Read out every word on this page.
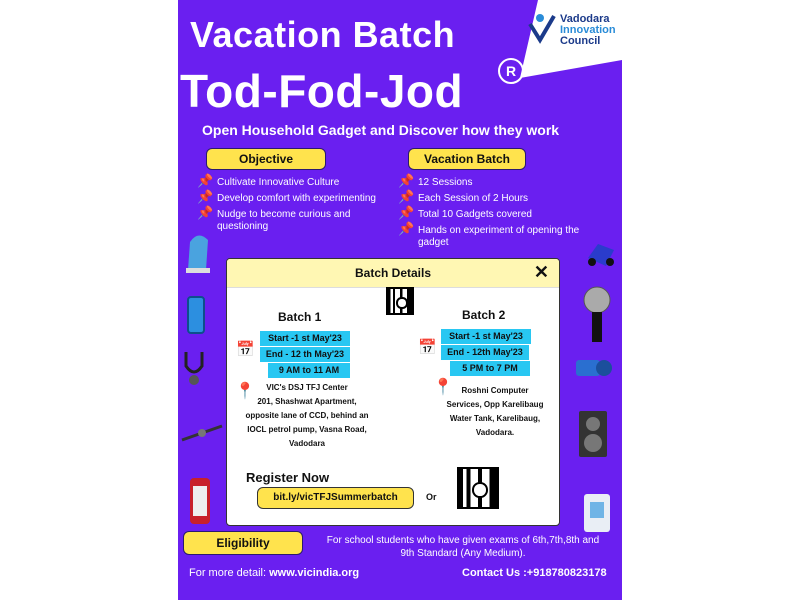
Vadodara
Innovation
Council
Vacation Batch
Tod-Fod-Jod	R
Open Household Gadget and Discover how they work
Objective
📌 Cultivate Innovative Culture
📌 Develop comfort with experimenting
📌 Nudge to become curious and questioning
Vacation Batch
📌 12 Sessions
📌 Each Session of 2 Hours
📌 Total 10 Gadgets covered
📌 Hands on experiment of opening the gadget
Batch Details	✕
Batch 1
📅
Start -1 st May'23
End - 12 th May'23
9 AM to 11 AM
📍	VIC's DSJ TFJ Center
201, Shashwat Apartment,
opposite lane of CCD, behind an
IOCL petrol pump, Vasna Road,
Vadodara
Batch 2
📅
Start -1 st May'23
End - 12th May'23
5 PM to 7 PM
📍	Roshni Computer
Services, Opp Karelibaug
Water Tank, Karelibaug,
Vadodara.
Register Now
bit.ly/vicTFJSummerbatch	Or
Eligibility	For school students who have given exams of 6th,7th,8th and
9th Standard (Any Medium).
For more detail: www.vicindia.org	Contact Us :+918780823178
